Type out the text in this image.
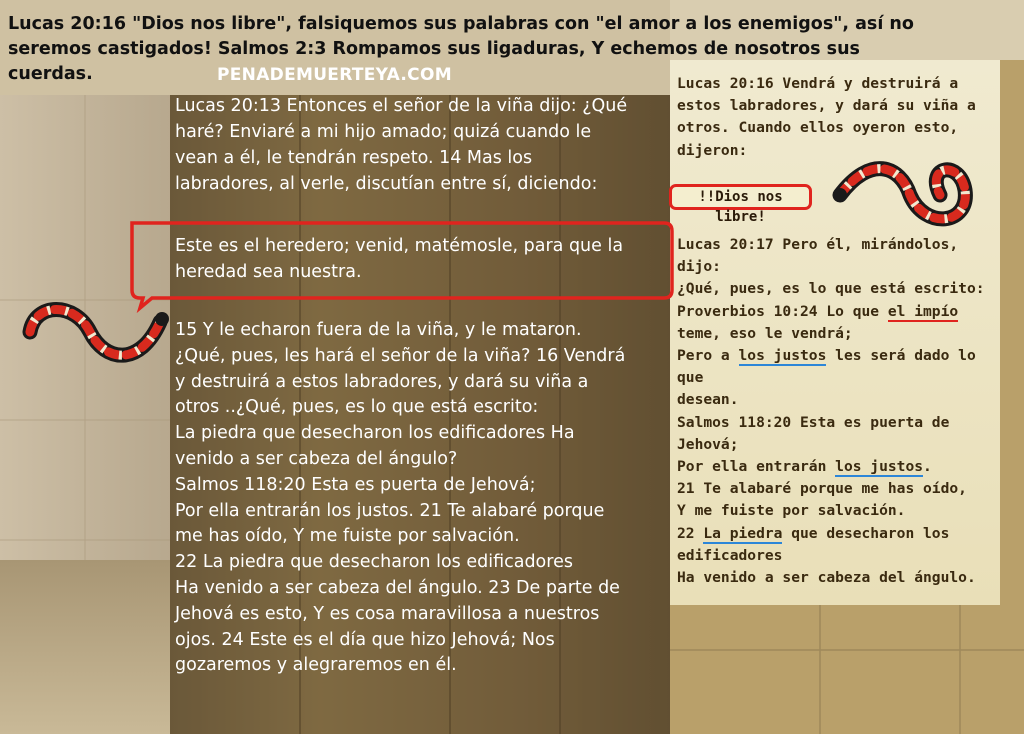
Lucas 20:16 "Dios nos libre", falsiquemos sus palabras con "el amor a los enemigos", así no
seremos castigados! Salmos 2:3 Rompamos sus ligaduras, Y echemos de nosotros sus
cuerdas.	PENADEMUERTEYA.COM
Lucas 20:13 Entonces el señor de la viña dijo: ¿Qué
haré? Enviaré a mi hijo amado; quizá cuando le
vean a él, le tendrán respeto. 14 Mas los
labradores, al verle, discutían entre sí, diciendo:
Este es el heredero; venid, matémosle, para que la
heredad sea nuestra.
15 Y le echaron fuera de la viña, y le mataron.
¿Qué, pues, les hará el señor de la viña? 16 Vendrá
y destruirá a estos labradores, y dará su viña a
otros ..¿Qué, pues, es lo que está escrito:
La piedra que desecharon los edificadores Ha
venido a ser cabeza del ángulo?
Salmos 118:20 Esta es puerta de Jehová;
Por ella entrarán los justos. 21 Te alabaré porque
me has oído, Y me fuiste por salvación.
22 La piedra que desecharon los edificadores
Ha venido a ser cabeza del ángulo. 23 De parte de
Jehová es esto, Y es cosa maravillosa a nuestros
ojos. 24 Este es el día que hizo Jehová; Nos
gozaremos y alegraremos en él.
Lucas 20:16 Vendrá y destruirá a
estos labradores, y dará su viña a
otros. Cuando ellos oyeron esto,
dijeron:
!!Dios nos libre!
Lucas 20:17 Pero él, mirándolos, dijo:
¿Qué, pues, es lo que está escrito:
Proverbios 10:24 Lo que el impío
teme, eso le vendrá;
Pero a los justos les será dado lo que
desean.
Salmos 118:20 Esta es puerta de
Jehová;
Por ella entrarán los justos.
21 Te alabaré porque me has oído,
Y me fuiste por salvación.
22 La piedra que desecharon los
edificadores
Ha venido a ser cabeza del ángulo.
